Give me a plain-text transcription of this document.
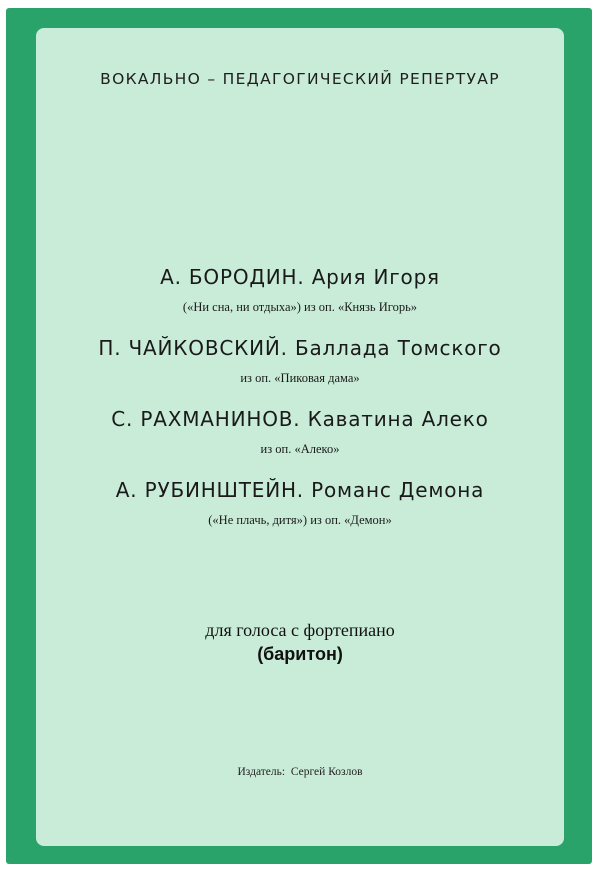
ВОКАЛЬНО – ПЕДАГОГИЧЕСКИЙ РЕПЕРТУАР
А. БОРОДИН. Ария Игоря
(«Ни сна, ни отдыха») из оп. «Князь Игорь»
П. ЧАЙКОВСКИЙ. Баллада Томского
из оп. «Пиковая дама»
С. РАХМАНИНОВ. Каватина Алеко
из оп. «Алеко»
А. РУБИНШТЕЙН. Романс Демона
(«Не плачь, дитя») из оп. «Демон»
для голоса с фортепиано
(баритон)
Издатель: Сергей Козлов
